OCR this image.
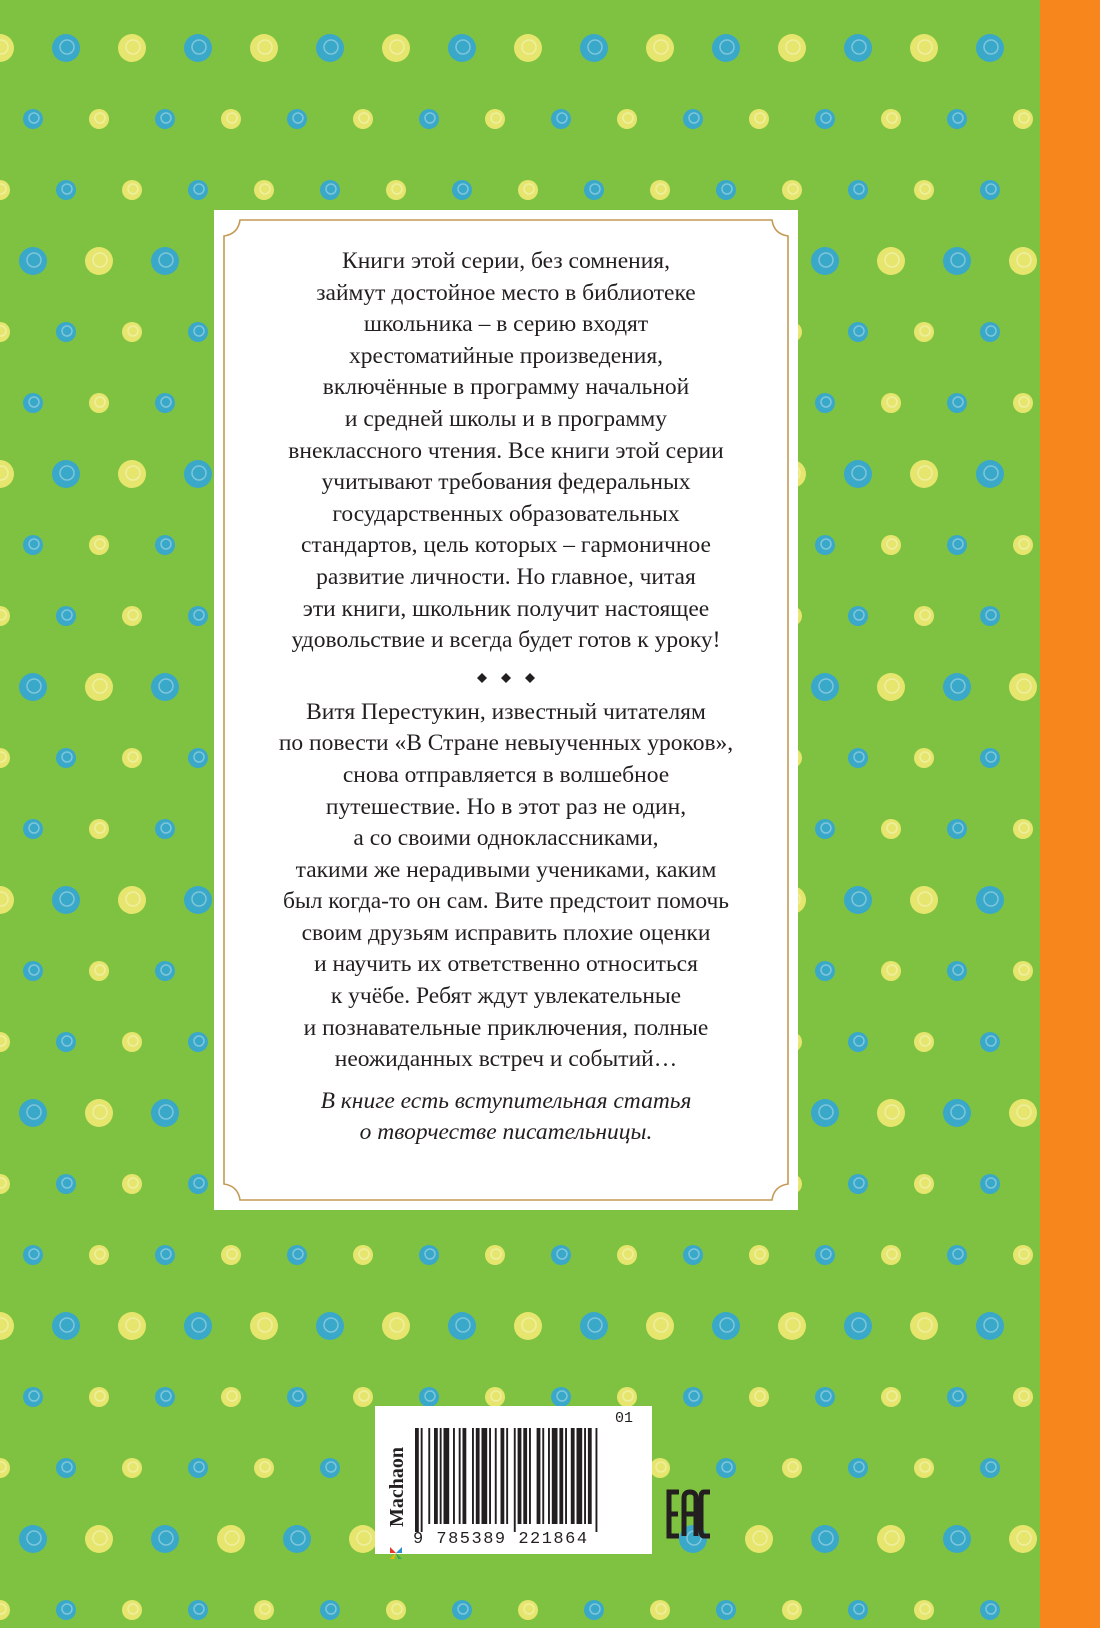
Книги этой серии, без сомнения,
займут достойное место в библиотеке
школьника – в серию входят
хрестоматийные произведения,
включённые в программу начальной
и средней школы и в программу
внеклассного чтения. Все книги этой серии
учитывают требования федеральных
государственных образовательных
стандартов, цель которых – гармоничное
развитие личности. Но главное, читая
эти книги, школьник получит настоящее
удовольствие и всегда будет готов к уроку!
Витя Перестукин, известный читателям
по повести «В Стране невыученных уроков»,
снова отправляется в волшебное
путешествие. Но в этот раз не один,
а со своими одноклассниками,
такими же нерадивыми учениками, каким
был когда-то он сам. Вите предстоит помочь
своим друзьям исправить плохие оценки
и научить их ответственно относиться
к учёбе. Ребят ждут увлекательные
и познавательные приключения, полные
неожиданных встреч и событий…
В книге есть вступительная статья
о творчестве писательницы.
Machaon
9 785389 221864
01
